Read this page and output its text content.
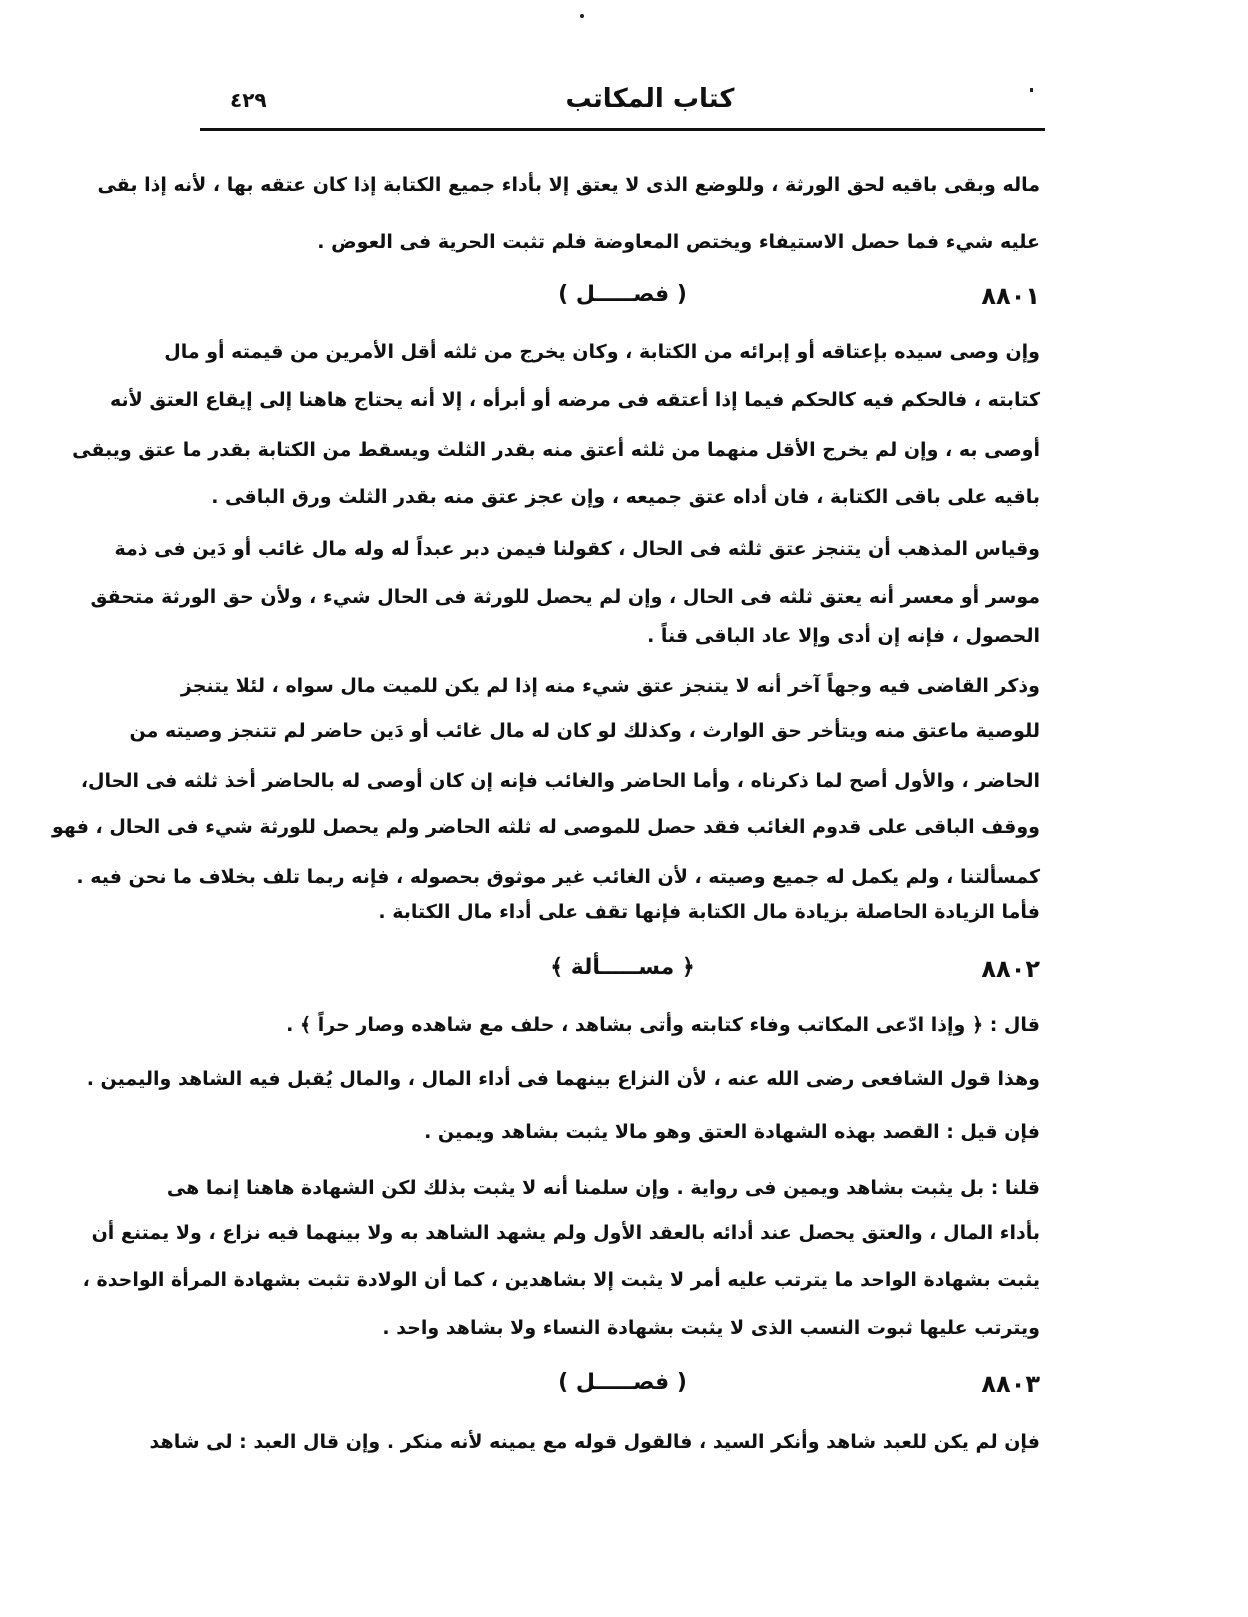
٤٢٩	كتاب المكاتب
ماله وبقى باقيه لحق الورثة ، وللوضع الذى لا يعتق إلا بأداء جميع الكتابة إذا كان عتقه بها ، لأنه إذا بقى
عليه شيء فما حصل الاستيفاء ويختص المعاوضة فلم تثبت الحرية فى العوض .
٨٨٠١
( فصـــــل )
وإن وصى سيده بإعتاقه أو إبرائه من الكتابة ، وكان يخرج من ثلثه أقل الأمرين من قيمته أو مال
كتابته ، فالحكم فيه كالحكم فيما إذا أعتقه فى مرضه أو أبرأه ، إلا أنه يحتاج هاهنا إلى إيقاع العتق لأنه
أوصى به ، وإن لم يخرج الأقل منهما من ثلثه أعتق منه بقدر الثلث ويسقط من الكتابة بقدر ما عتق ويبقى
باقيه على باقى الكتابة ، فان أداه عتق جميعه ، وإن عجز عتق منه بقدر الثلث ورق الباقى .
وقياس المذهب أن يتنجز عتق ثلثه فى الحال ، كقولنا فيمن دبر عبداً له وله مال غائب أو دَين فى ذمة
موسر أو معسر أنه يعتق ثلثه فى الحال ، وإن لم يحصل للورثة فى الحال شيء ، ولأن حق الورثة متحقق
الحصول ، فإنه إن أدى وإلا عاد الباقى قناً .
وذكر القاضى فيه وجهاً آخر أنه لا يتنجز عتق شيء منه إذا لم يكن للميت مال سواه ، لئلا يتنجز
للوصية ماعتق منه ويتأخر حق الوارث ، وكذلك لو كان له مال غائب أو دَين حاضر لم تتنجز وصيته من
الحاضر ، والأول أصح لما ذكرناه ، وأما الحاضر والغائب فإنه إن كان أوصى له بالحاضر أخذ ثلثه فى الحال،
ووقف الباقى على قدوم الغائب فقد حصل للموصى له ثلثه الحاضر ولم يحصل للورثة شيء فى الحال ، فهو
كمسألتنا ، ولم يكمل له جميع وصيته ، لأن الغائب غير موثوق بحصوله ، فإنه ربما تلف بخلاف ما نحن فيه .
فأما الزيادة الحاصلة بزيادة مال الكتابة فإنها تقف على أداء مال الكتابة .
٨٨٠٢
﴿ مســـــألة ﴾
قال : ﴿ وإذا ادّعى المكاتب وفاء كتابته وأتى بشاهد ، حلف مع شاهده وصار حراً ﴾ .
وهذا قول الشافعى رضى الله عنه ، لأن النزاع بينهما فى أداء المال ، والمال يُقبل فيه الشاهد واليمين .
فإن قيل : القصد بهذه الشهادة العتق وهو مالا يثبت بشاهد ويمين .
قلنا : بل يثبت بشاهد ويمين فى رواية . وإن سلمنا أنه لا يثبت بذلك لكن الشهادة هاهنا إنما هى
بأداء المال ، والعتق يحصل عند أدائه بالعقد الأول ولم يشهد الشاهد به ولا بينهما فيه نزاع ، ولا يمتنع أن
يثبت بشهادة الواحد ما يترتب عليه أمر لا يثبت إلا بشاهدين ، كما أن الولادة تثبت بشهادة المرأة الواحدة ،
ويترتب عليها ثبوت النسب الذى لا يثبت بشهادة النساء ولا بشاهد واحد .
٨٨٠٣
( فصـــــل )
فإن لم يكن للعبد شاهد وأنكر السيد ، فالقول قوله مع يمينه لأنه منكر . وإن قال العبد : لى شاهد
